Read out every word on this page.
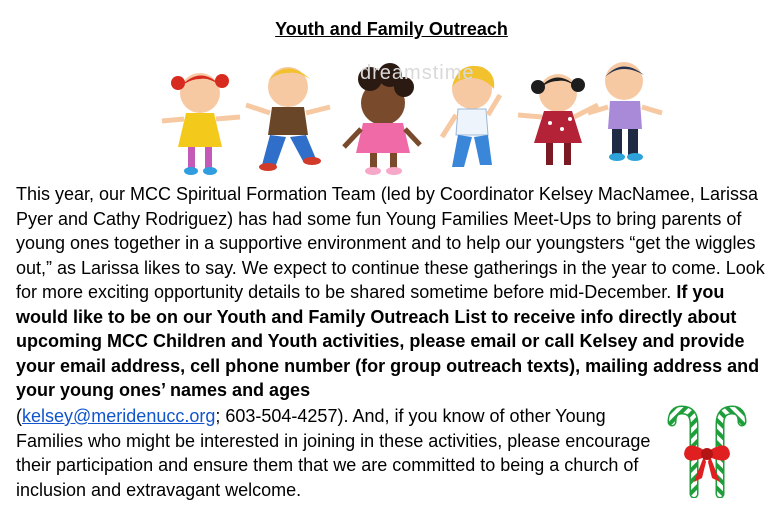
Youth and Family Outreach
dreamstime

This year, our MCC Spiritual Formation Team (led by Coordinator Kelsey MacNamee, Larissa Pyer and Cathy Rodriguez) has had some fun Young Families Meet-Ups to bring parents of young ones together in a supportive environment and to help our youngsters “get the wiggles out,” as Larissa likes to say. We expect to continue these gatherings in the year to come. Look for more exciting opportunity details to be shared sometime before mid-December. If you would like to be on our Youth and Family Outreach List to receive info directly about upcoming MCC Children and Youth activities, please email or call Kelsey and provide your email address, cell phone number (for group outreach texts), mailing address and your young ones’ names and ages

(kelsey@meridenucc.org; 603-504-4257). And, if you know of other Young Families who might be interested in joining in these activities, please encourage their participation and ensure them that we are committed to being a church of inclusion and extravagant welcome.
